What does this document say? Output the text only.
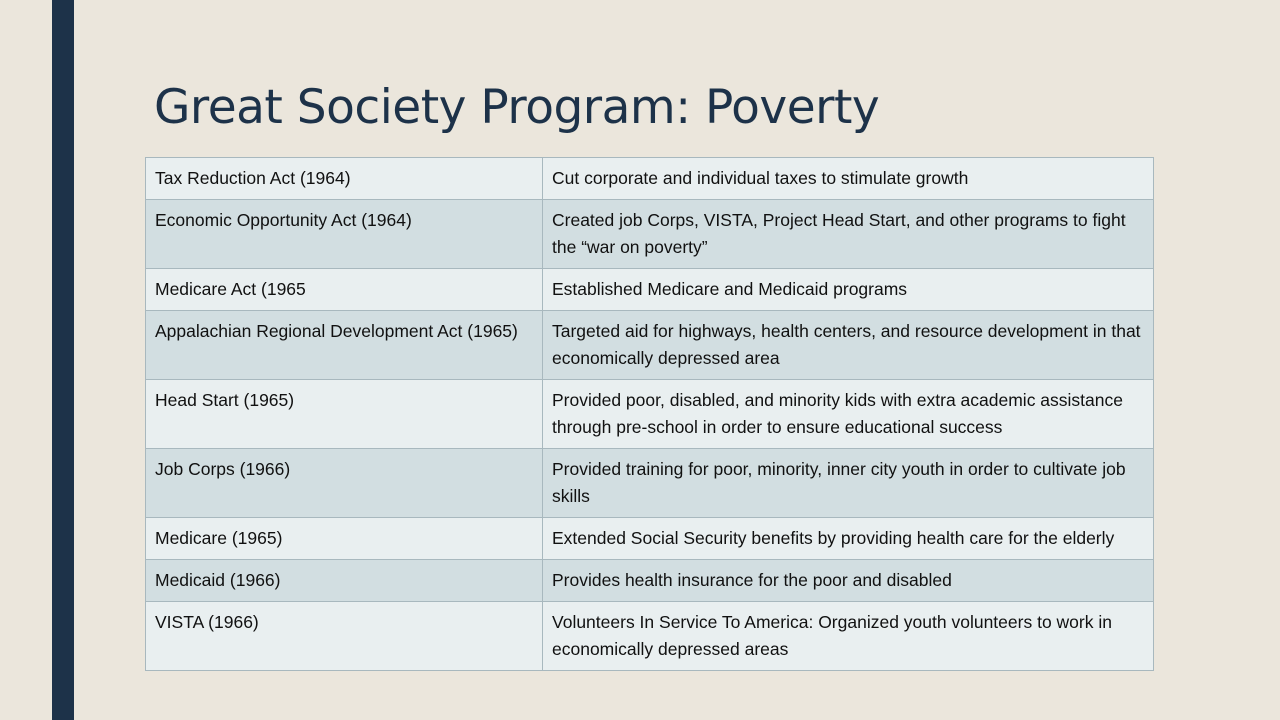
Great Society Program: Poverty
Tax Reduction Act (1964)	Cut corporate and individual taxes to stimulate growth
Economic Opportunity Act (1964)	Created job Corps, VISTA, Project Head Start, and other programs to fight the “war on poverty”
Medicare Act (1965	Established Medicare and Medicaid programs
Appalachian Regional Development Act (1965)	Targeted aid for highways, health centers, and resource development in that economically depressed area
Head Start (1965)	Provided poor, disabled, and minority kids with extra academic assistance through pre-school in order to ensure educational success
Job Corps (1966)	Provided training for poor, minority, inner city youth in order to cultivate job skills
Medicare (1965)	Extended Social Security benefits by providing health care for the elderly
Medicaid (1966)	Provides health insurance for the poor and disabled
VISTA (1966)	Volunteers In Service To America: Organized youth volunteers to work in economically depressed areas
